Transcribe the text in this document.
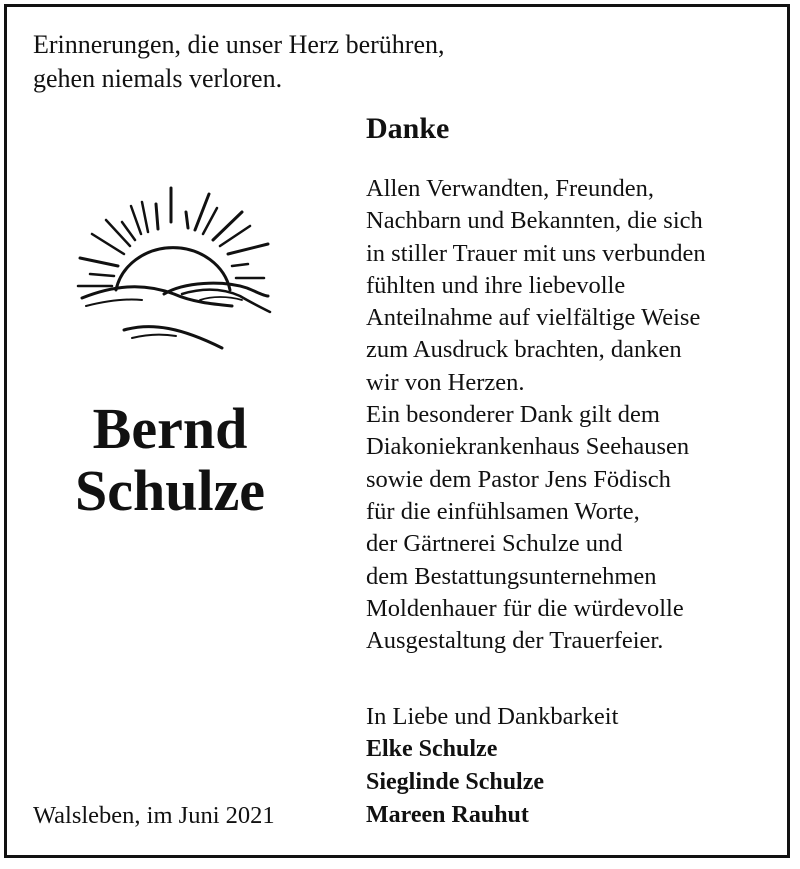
Erinnerungen, die unser Herz berühren,
gehen niemals verloren.

Danke
Bernd
Schulze

Allen Verwandten, Freunden,
Nachbarn und Bekannten, die sich
in stiller Trauer mit uns verbunden
fühlten und ihre liebevolle
Anteilnahme auf vielfältige Weise
zum Ausdruck brachten, danken
wir von Herzen.
Ein besonderer Dank gilt dem
Diakoniekrankenhaus Seehausen
sowie dem Pastor Jens Födisch
für die einfühlsamen Worte,
der Gärtnerei Schulze und
dem Bestattungsunternehmen
Moldenhauer für die würdevolle
Ausgestaltung der Trauerfeier.

In Liebe und Dankbarkeit
Elke Schulze
Sieglinde Schulze
Mareen Rauhut

Walsleben, im Juni 2021
